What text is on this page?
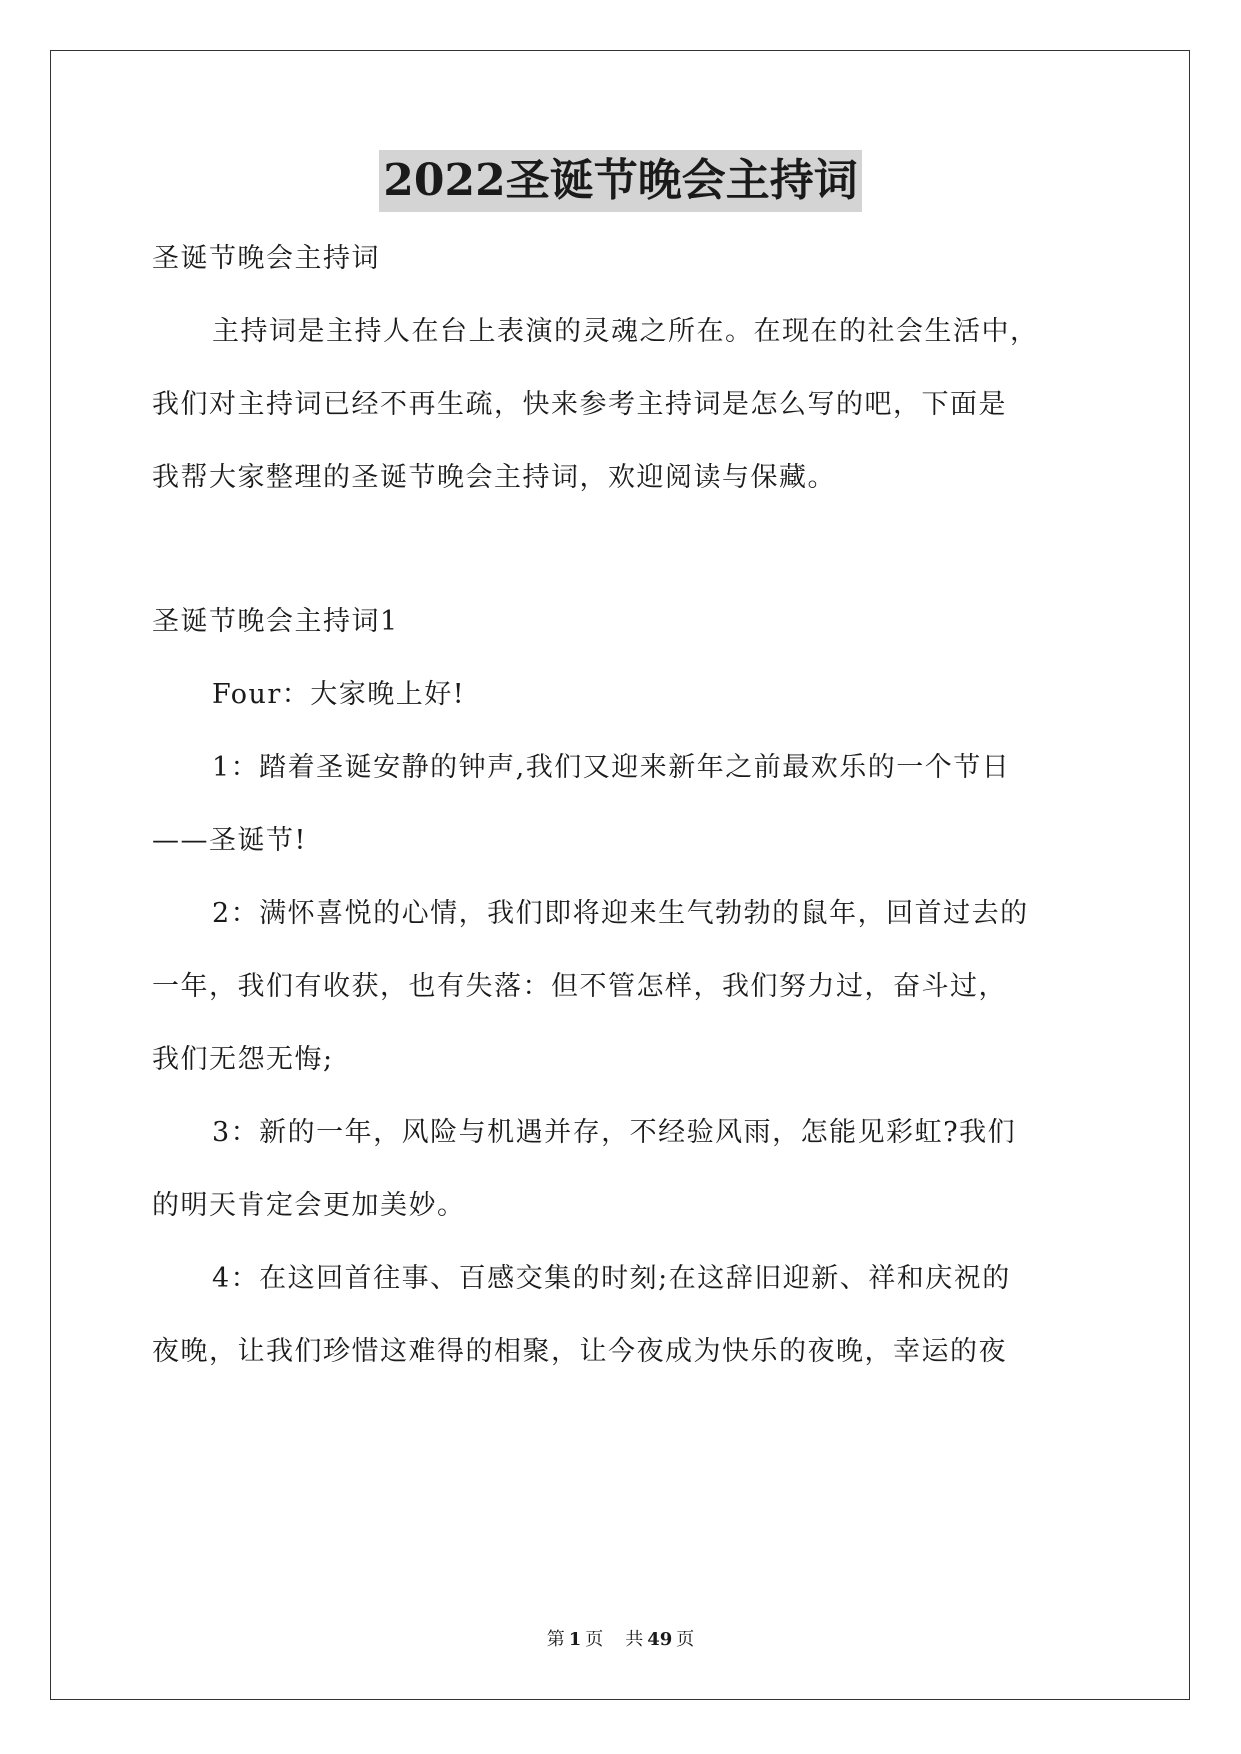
2022圣诞节晚会主持词
圣诞节晚会主持词
主持词是主持人在台上表演的灵魂之所在。在现在的社会生活中，
我们对主持词已经不再生疏，快来参考主持词是怎么写的吧，下面是
我帮大家整理的圣诞节晚会主持词，欢迎阅读与保藏。
圣诞节晚会主持词1
Four：大家晚上好!
1：踏着圣诞安静的钟声,我们又迎来新年之前最欢乐的一个节日
——圣诞节!
2：满怀喜悦的心情，我们即将迎来生气勃勃的鼠年，回首过去的
一年，我们有收获，也有失落：但不管怎样，我们努力过，奋斗过，
我们无怨无悔;
3：新的一年，风险与机遇并存，不经验风雨，怎能见彩虹?我们
的明天肯定会更加美妙。
4：在这回首往事、百感交集的时刻;在这辞旧迎新、祥和庆祝的
夜晚，让我们珍惜这难得的相聚，让今夜成为快乐的夜晚，幸运的夜
第 1 页 共 49 页
